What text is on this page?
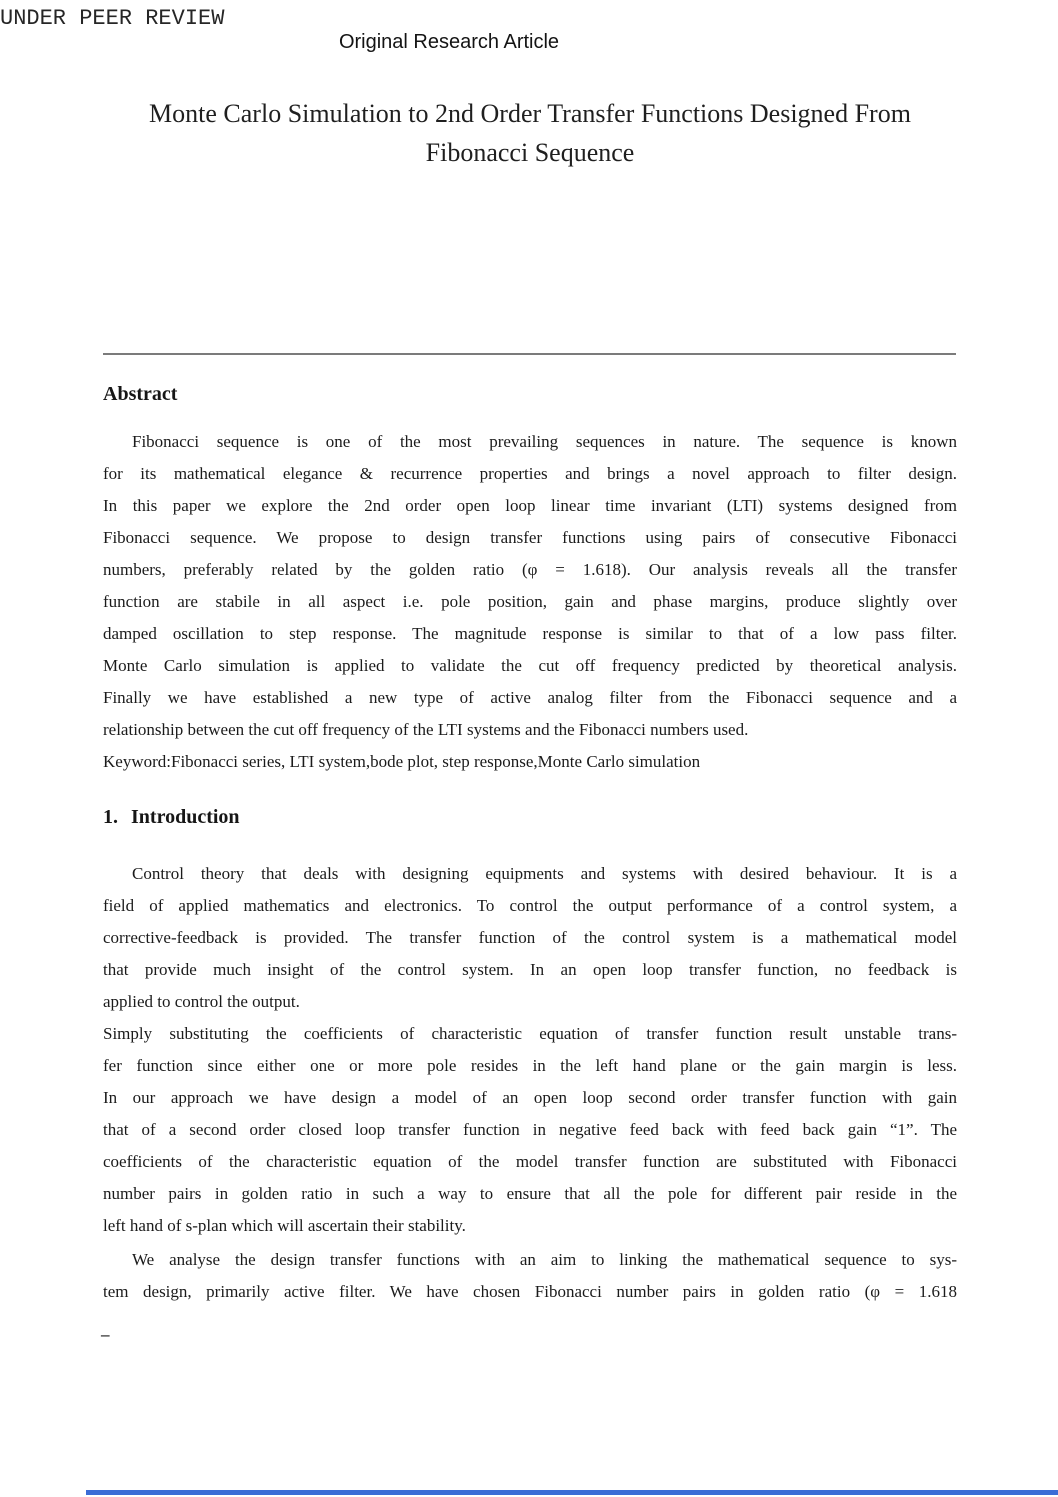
UNDER PEER REVIEW
Original Research Article
Monte Carlo Simulation to 2nd Order Transfer Functions Designed From
Fibonacci Sequence
Abstract
Fibonacci sequence is one of the most prevailing sequences in nature. The sequence is known
for its mathematical elegance & recurrence properties and brings a novel approach to filter design.
In this paper we explore the 2nd order open loop linear time invariant (LTI) systems designed from
Fibonacci sequence. We propose to design transfer functions using pairs of consecutive Fibonacci
numbers, preferably related by the golden ratio (φ = 1.618). Our analysis reveals all the transfer
function are stabile in all aspect i.e. pole position, gain and phase margins, produce slightly over
damped oscillation to step response. The magnitude response is similar to that of a low pass filter.
Monte Carlo simulation is applied to validate the cut off frequency predicted by theoretical analysis.
Finally we have established a new type of active analog filter from the Fibonacci sequence and a
relationship between the cut off frequency of the LTI systems and the Fibonacci numbers used.
Keyword:Fibonacci series, LTI system,bode plot, step response,Monte Carlo simulation
1. Introduction
Control theory that deals with designing equipments and systems with desired behaviour. It is a
field of applied mathematics and electronics. To control the output performance of a control system, a
corrective-feedback is provided. The transfer function of the control system is a mathematical model
that provide much insight of the control system. In an open loop transfer function, no feedback is
applied to control the output.
Simply substituting the coefficients of characteristic equation of transfer function result unstable trans-
fer function since either one or more pole resides in the left hand plane or the gain margin is less.
In our approach we have design a model of an open loop second order transfer function with gain
that of a second order closed loop transfer function in negative feed back with feed back gain “1”. The
coefficients of the characteristic equation of the model transfer function are substituted with Fibonacci
number pairs in golden ratio in such a way to ensure that all the pole for different pair reside in the
left hand of s-plan which will ascertain their stability.
We analyse the design transfer functions with an aim to linking the mathematical sequence to sys-
tem design, primarily active filter. We have chosen Fibonacci number pairs in golden ratio (φ = 1.618
–
